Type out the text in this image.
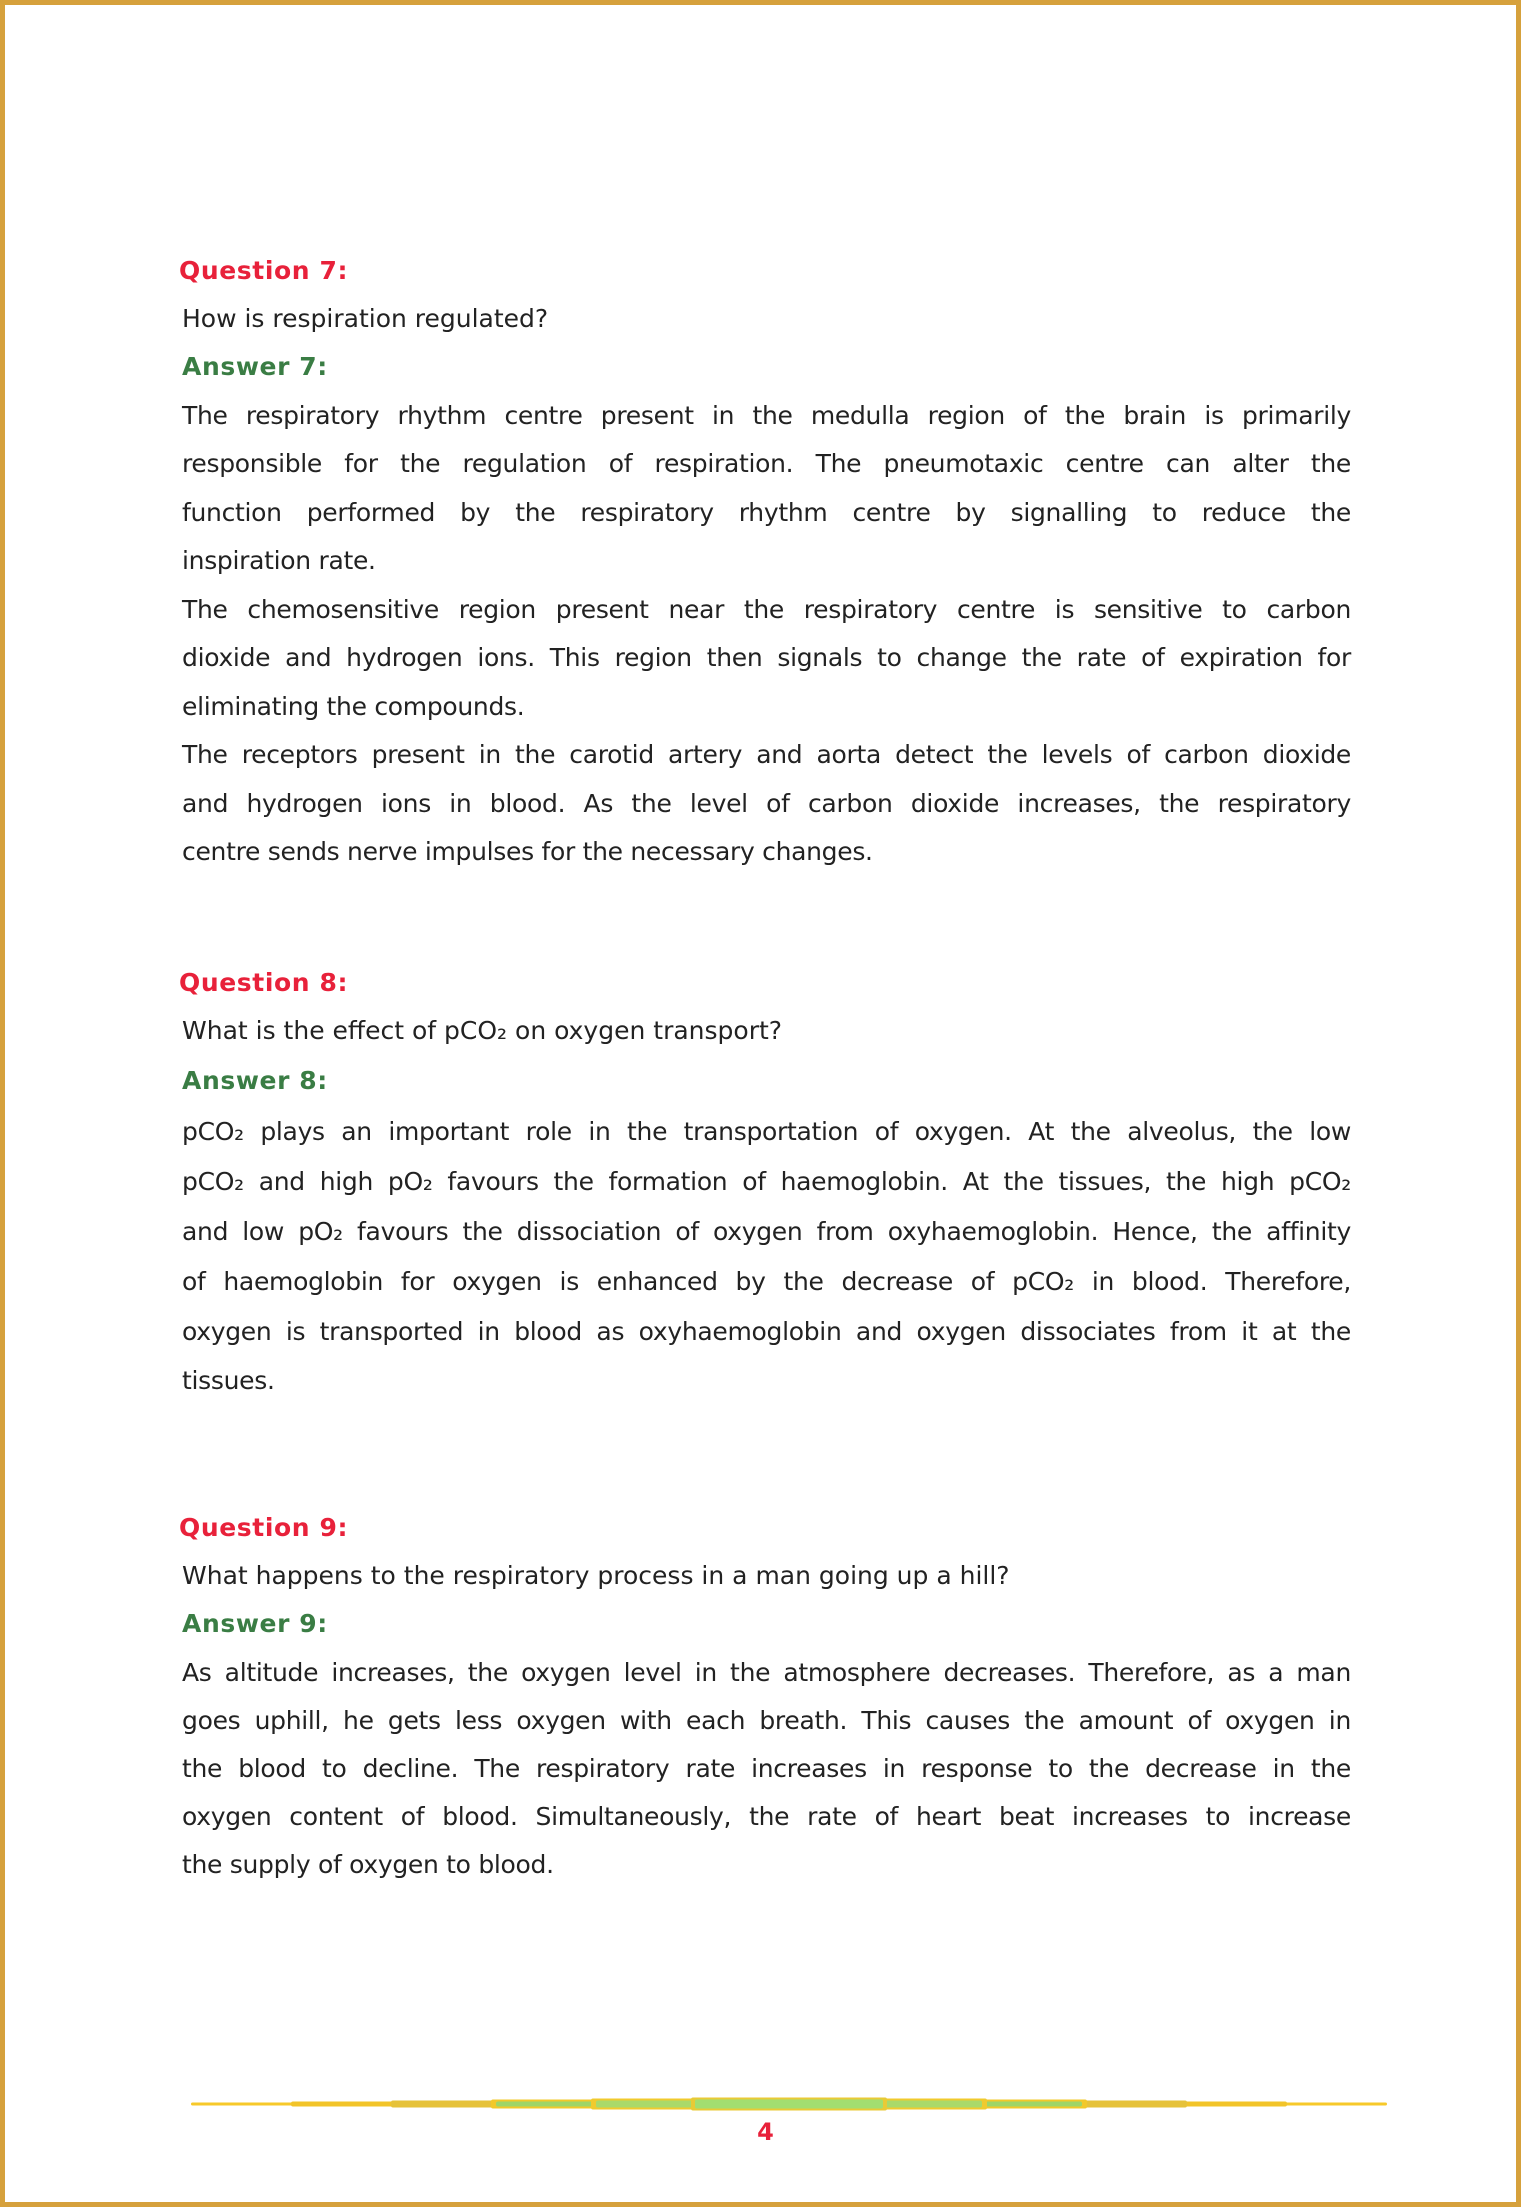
Question 7:
How is respiration regulated?
Answer 7:
The respiratory rhythm centre present in the medulla region of the brain is primarily
responsible for the regulation of respiration. The pneumotaxic centre can alter the
function performed by the respiratory rhythm centre by signalling to reduce the
inspiration rate.
The chemosensitive region present near the respiratory centre is sensitive to carbon
dioxide and hydrogen ions. This region then signals to change the rate of expiration for
eliminating the compounds.
The receptors present in the carotid artery and aorta detect the levels of carbon dioxide
and hydrogen ions in blood. As the level of carbon dioxide increases, the respiratory
centre sends nerve impulses for the necessary changes.
Question 8:
What is the effect of pCO₂ on oxygen transport?
Answer 8:
pCO₂ plays an important role in the transportation of oxygen. At the alveolus, the low
pCO₂ and high pO₂ favours the formation of haemoglobin. At the tissues, the high pCO₂
and low pO₂ favours the dissociation of oxygen from oxyhaemoglobin. Hence, the affinity
of haemoglobin for oxygen is enhanced by the decrease of pCO₂ in blood. Therefore,
oxygen is transported in blood as oxyhaemoglobin and oxygen dissociates from it at the
tissues.
Question 9:
What happens to the respiratory process in a man going up a hill?
Answer 9:
As altitude increases, the oxygen level in the atmosphere decreases. Therefore, as a man
goes uphill, he gets less oxygen with each breath. This causes the amount of oxygen in
the blood to decline. The respiratory rate increases in response to the decrease in the
oxygen content of blood. Simultaneously, the rate of heart beat increases to increase
the supply of oxygen to blood.
4
